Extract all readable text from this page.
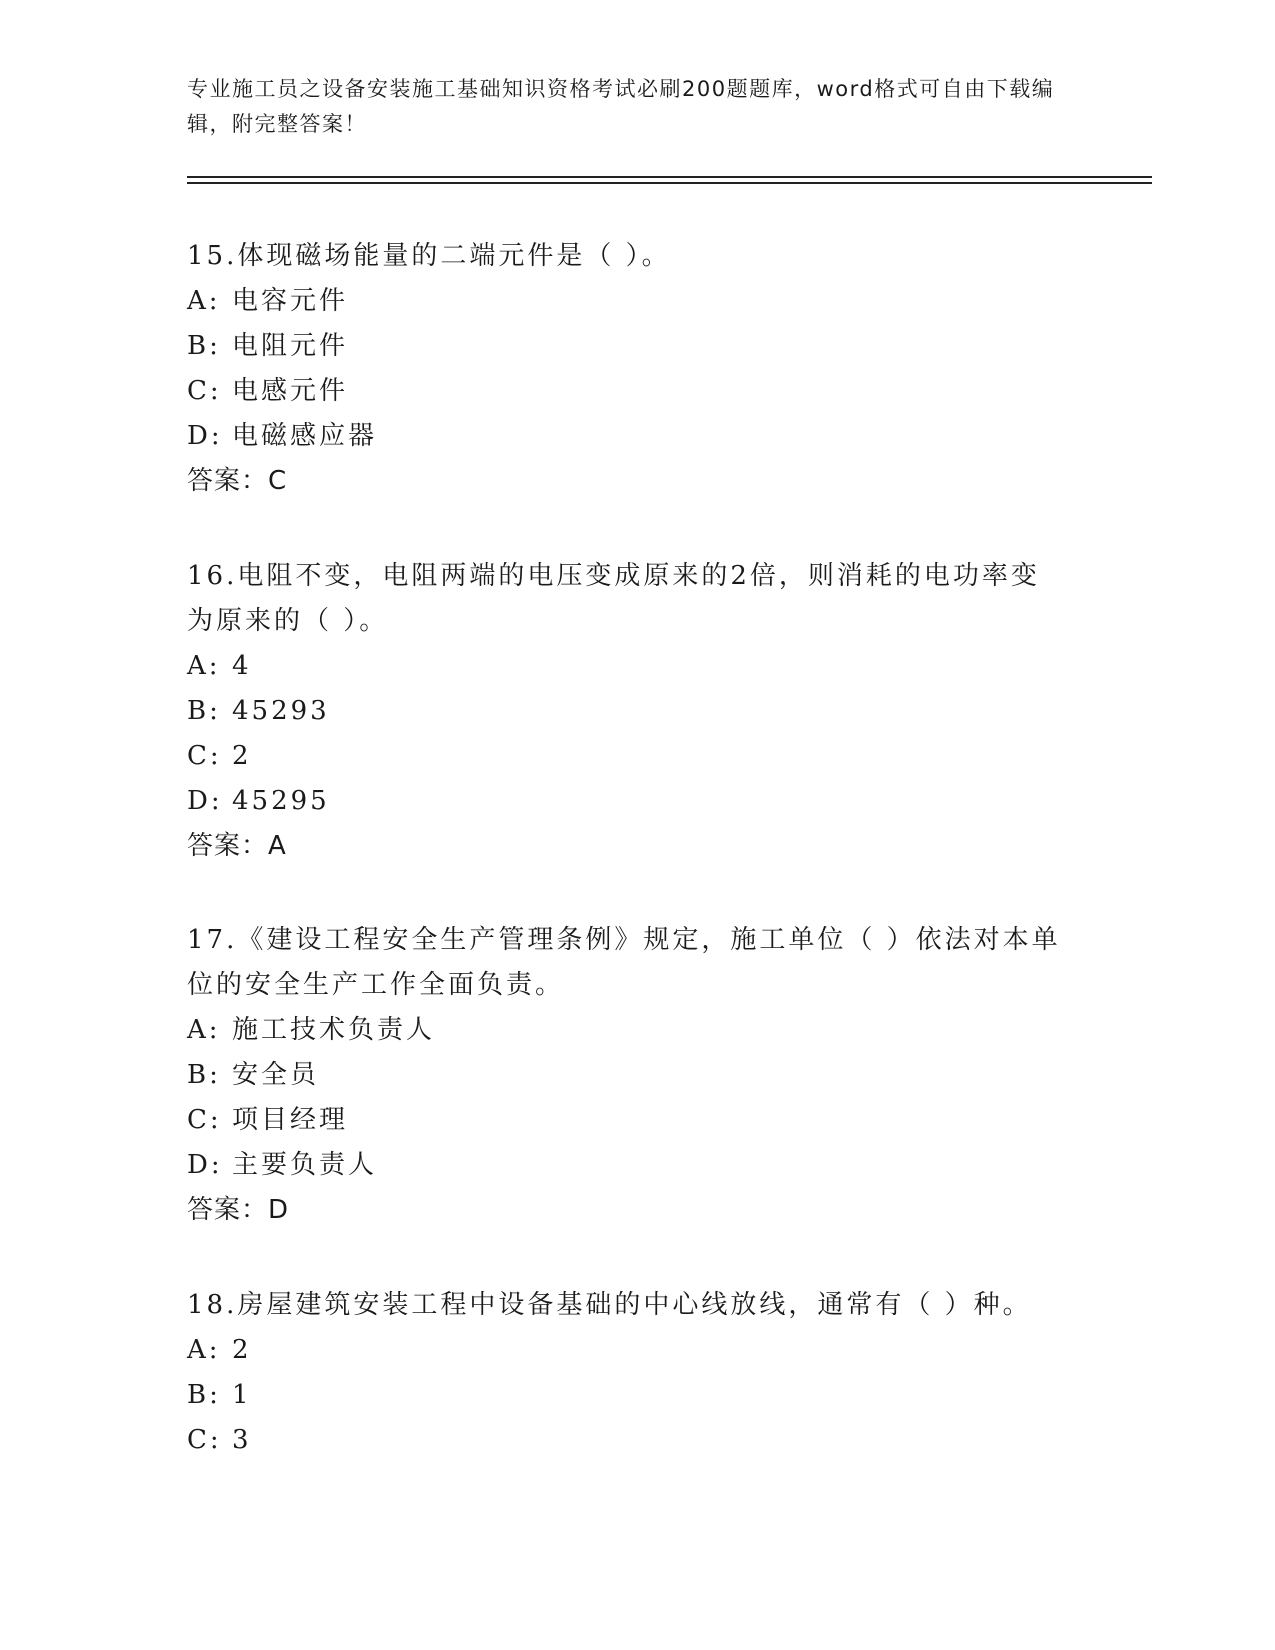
专业施工员之设备安装施工基础知识资格考试必刷200题题库，word格式可自由下载编辑，附完整答案！

15.体现磁场能量的二端元件是（ ）。

A: 电容元件

B: 电阻元件

C: 电感元件

D: 电磁感应器

答案：C

16.电阻不变，电阻两端的电压变成原来的2倍，则消耗的电功率变为原来的（ ）。

A: 4

B: 45293

C: 2

D: 45295

答案：A

17.《建设工程安全生产管理条例》规定，施工单位（ ）依法对本单位的安全生产工作全面负责。

A: 施工技术负责人

B: 安全员

C: 项目经理

D: 主要负责人

答案：D

18.房屋建筑安装工程中设备基础的中心线放线，通常有（ ）种。

A: 2

B: 1

C: 3
